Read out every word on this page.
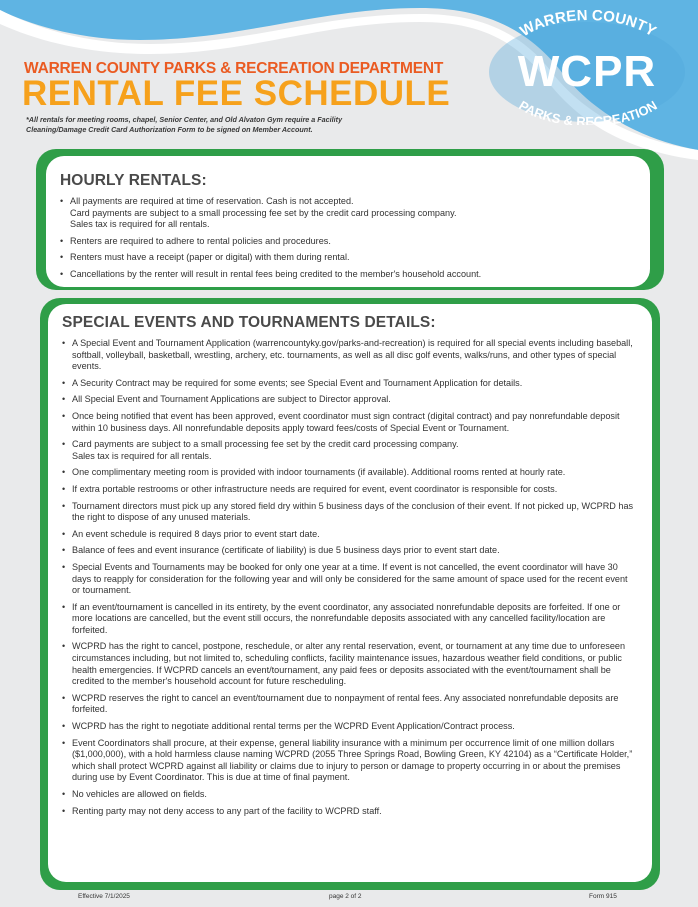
WARREN COUNTY
WCPR
PARKS & RECREATION
WARREN COUNTY PARKS & RECREATION DEPARTMENT
RENTAL FEE SCHEDULE
*All rentals for meeting rooms, chapel, Senior Center, and Old Alvaton Gym require a Facility Cleaning/Damage Credit Card Authorization Form to be signed on Member Account.
HOURLY RENTALS:
• All payments are required at time of reservation. Cash is not accepted.
Card payments are subject to a small processing fee set by the credit card processing company.
Sales tax is required for all rentals.
• Renters are required to adhere to rental policies and procedures.
• Renters must have a receipt (paper or digital) with them during rental.
• Cancellations by the renter will result in rental fees being credited to the member's household account.
SPECIAL EVENTS AND TOURNAMENTS DETAILS:
• A Special Event and Tournament Application (warrencountyky.gov/parks-and-recreation) is required for all special events including baseball, softball, volleyball, basketball, wrestling, archery, etc. tournaments, as well as all disc golf events, walks/runs, and other types of special events.
• A Security Contract may be required for some events; see Special Event and Tournament Application for details.
• All Special Event and Tournament Applications are subject to Director approval.
• Once being notified that event has been approved, event coordinator must sign contract (digital contract) and pay nonrefundable deposit within 10 business days. All nonrefundable deposits apply toward fees/costs of Special Event or Tournament.
• Card payments are subject to a small processing fee set by the credit card processing company.
Sales tax is required for all rentals.
• One complimentary meeting room is provided with indoor tournaments (if available). Additional rooms rented at hourly rate.
• If extra portable restrooms or other infrastructure needs are required for event, event coordinator is responsible for costs.
• Tournament directors must pick up any stored field dry within 5 business days of the conclusion of their event. If not picked up, WCPRD has the right to dispose of any unused materials.
• An event schedule is required 8 days prior to event start date.
• Balance of fees and event insurance (certificate of liability) is due 5 business days prior to event start date.
• Special Events and Tournaments may be booked for only one year at a time. If event is not cancelled, the event coordinator will have 30 days to reapply for consideration for the following year and will only be considered for the same amount of space used for the recent event or tournament.
• If an event/tournament is cancelled in its entirety, by the event coordinator, any associated nonrefundable deposits are forfeited. If one or more locations are cancelled, but the event still occurs, the nonrefundable deposits associated with any cancelled facility/location are forfeited.
• WCPRD has the right to cancel, postpone, reschedule, or alter any rental reservation, event, or tournament at any time due to unforeseen circumstances including, but not limited to, scheduling conflicts, facility maintenance issues, hazardous weather field conditions, or public health emergencies. If WCPRD cancels an event/tournament, any paid fees or deposits associated with the event/tournament shall be credited to the member's household account for future rescheduling.
• WCPRD reserves the right to cancel an event/tournament due to nonpayment of rental fees. Any associated nonrefundable deposits are forfeited.
• WCPRD has the right to negotiate additional rental terms per the WCPRD Event Application/Contract process.
• Event Coordinators shall procure, at their expense, general liability insurance with a minimum per occurrence limit of one million dollars ($1,000,000), with a hold harmless clause naming WCPRD (2055 Three Springs Road, Bowling Green, KY 42104) as a “Certificate Holder,” which shall protect WCPRD against all liability or claims due to injury to person or damage to property occurring in or about the premises during use by Event Coordinator. This is due at time of final payment.
• No vehicles are allowed on fields.
• Renting party may not deny access to any part of the facility to WCPRD staff.
Effective 7/1/2025	page 2 of 2	Form 915
